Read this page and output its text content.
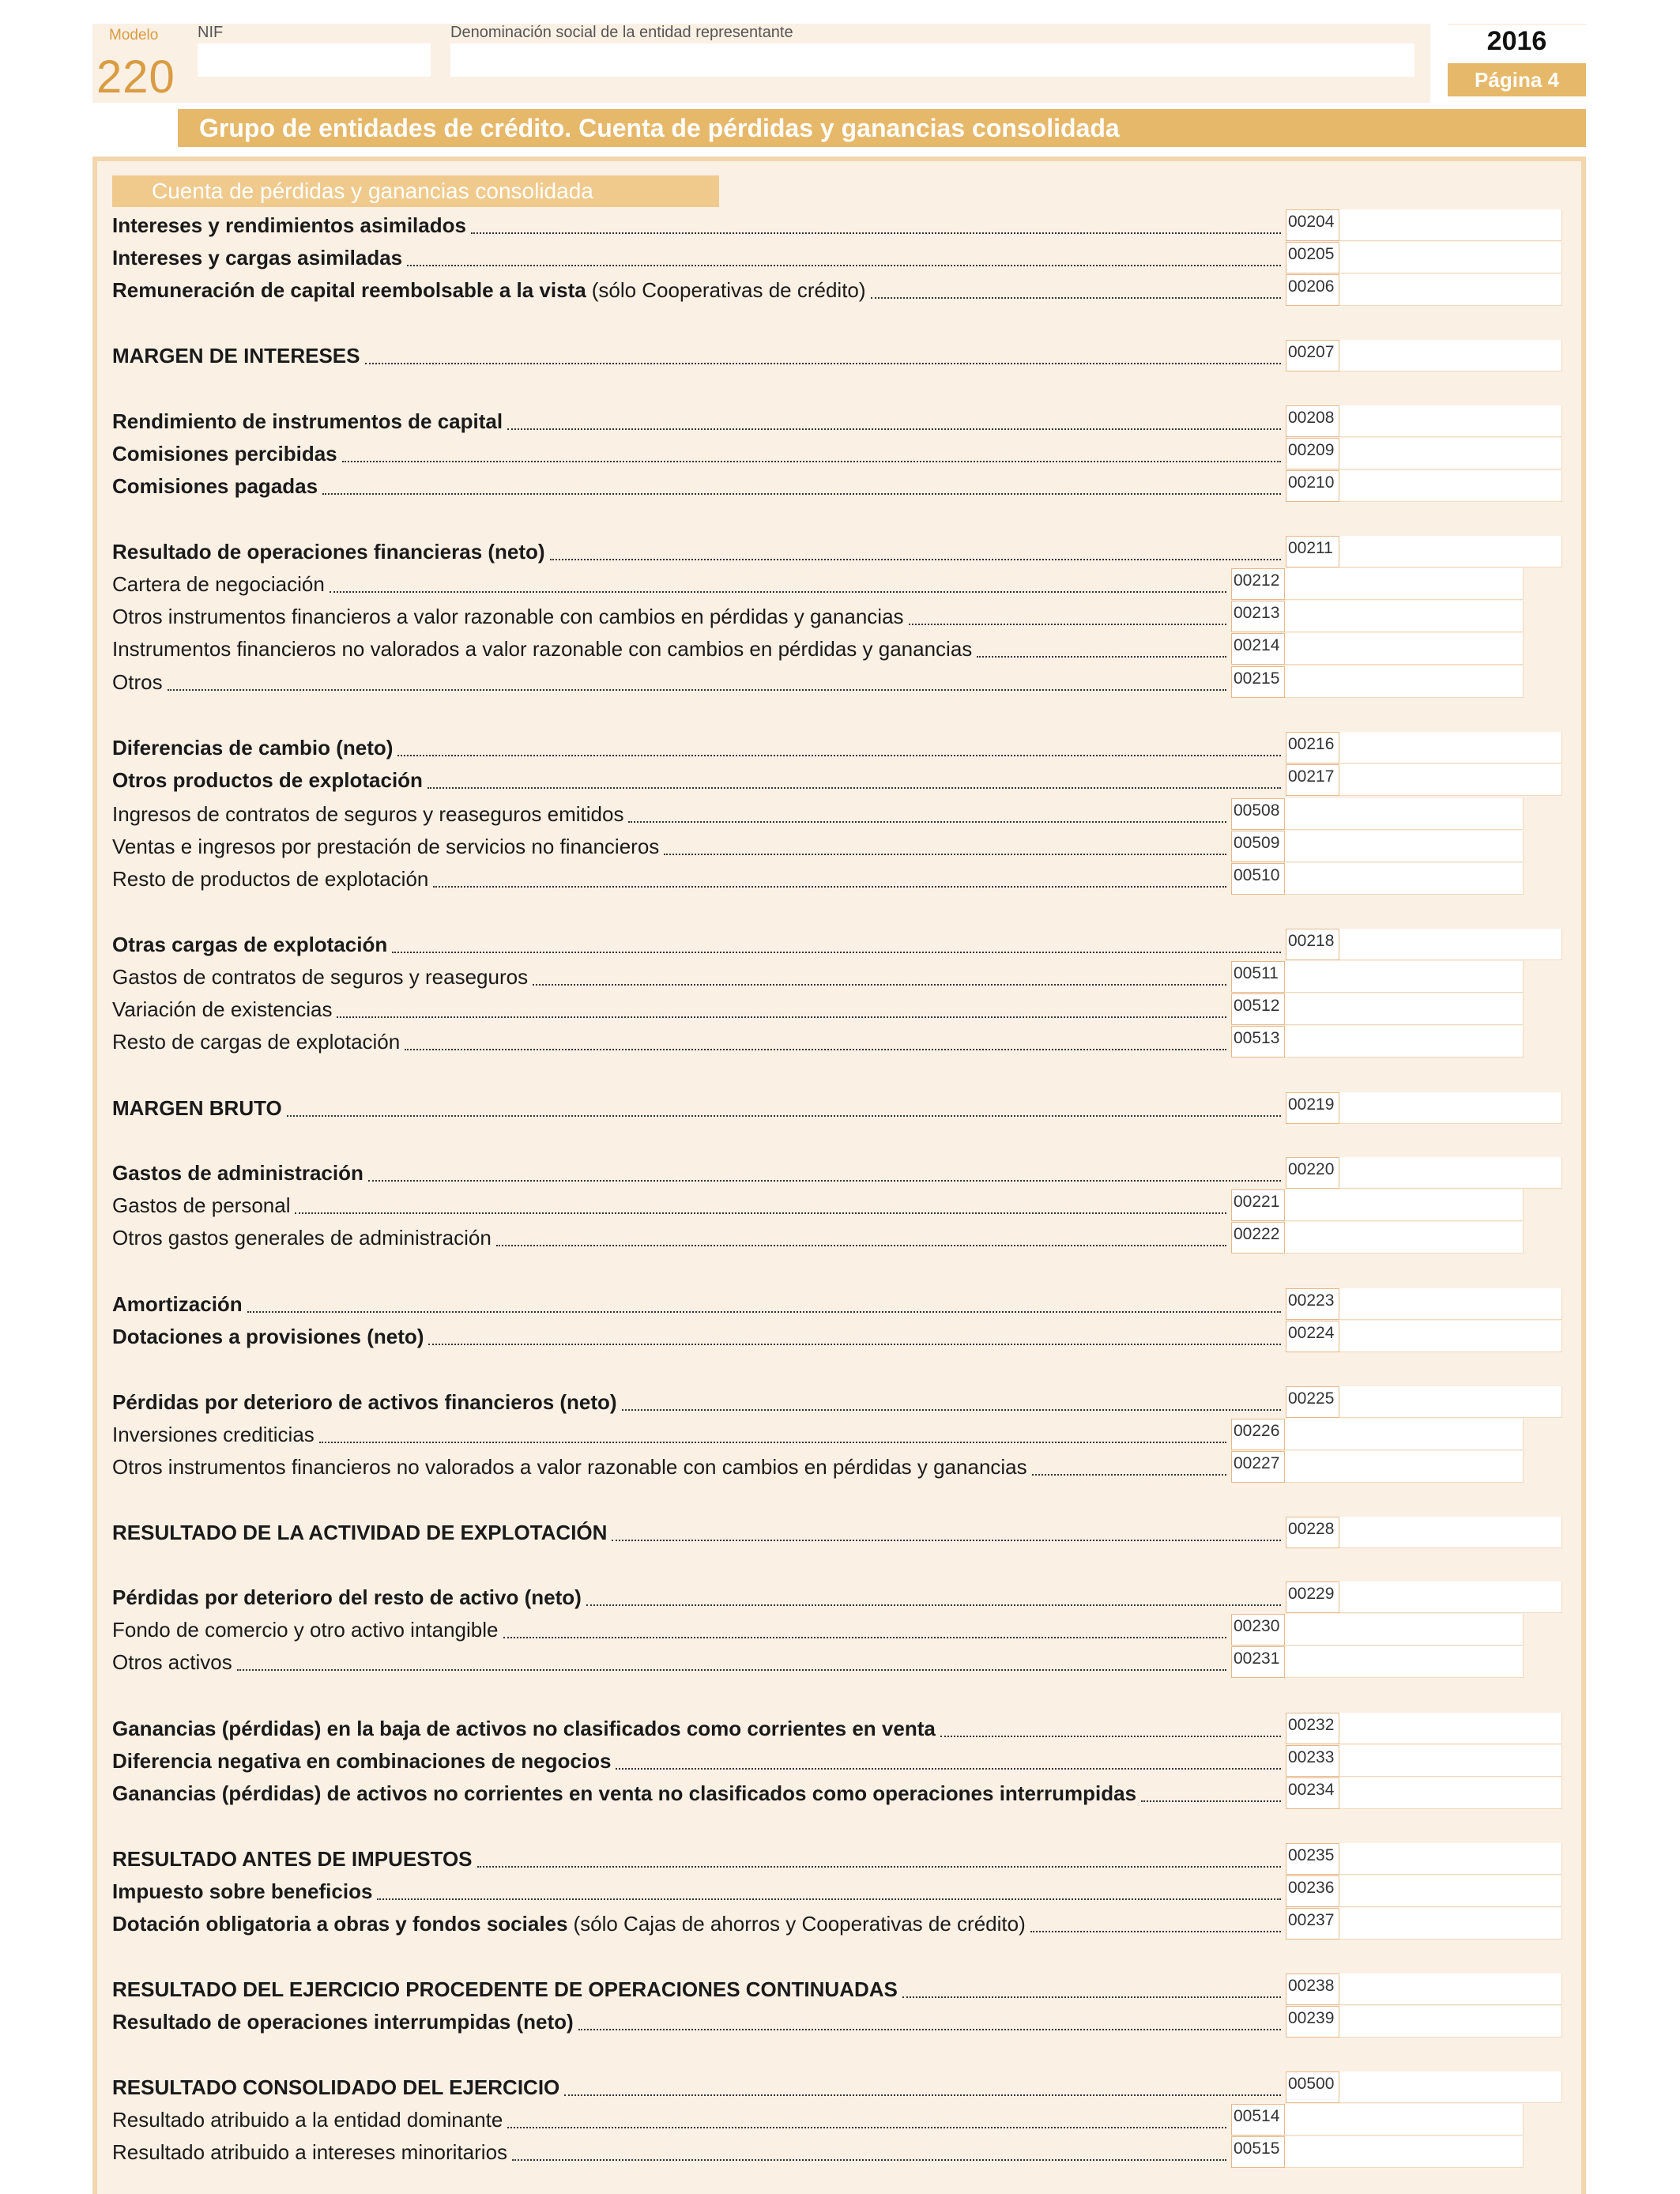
Modelo
220
NIF	Denominación social de la entidad representante	2016
Página 4
Grupo de entidades de crédito. Cuenta de pérdidas y ganancias consolidada
Cuenta de pérdidas y ganancias consolidada
Intereses y rendimientos asimilados	00204
Intereses y cargas asimiladas	00205
Remuneración de capital reembolsable a la vista (sólo Cooperativas de crédito)	00206
MARGEN DE INTERESES	00207
Rendimiento de instrumentos de capital	00208
Comisiones percibidas	00209
Comisiones pagadas	00210
Resultado de operaciones financieras (neto)	00211
Cartera de negociación	00212
Otros instrumentos financieros a valor razonable con cambios en pérdidas y ganancias	00213
Instrumentos financieros no valorados a valor razonable con cambios en pérdidas y ganancias	00214
Otros	00215
Diferencias de cambio (neto)	00216
Otros productos de explotación	00217
Ingresos de contratos de seguros y reaseguros emitidos	00508
Ventas e ingresos por prestación de servicios no financieros	00509
Resto de productos de explotación	00510
Otras cargas de explotación	00218
Gastos de contratos de seguros y reaseguros	00511
Variación de existencias	00512
Resto de cargas de explotación	00513
MARGEN BRUTO	00219
Gastos de administración	00220
Gastos de personal	00221
Otros gastos generales de administración	00222
Amortización	00223
Dotaciones a provisiones (neto)	00224
Pérdidas por deterioro de activos financieros (neto)	00225
Inversiones crediticias	00226
Otros instrumentos financieros no valorados a valor razonable con cambios en pérdidas y ganancias	00227
RESULTADO DE LA ACTIVIDAD DE EXPLOTACIÓN	00228
Pérdidas por deterioro del resto de activo (neto)	00229
Fondo de comercio y otro activo intangible	00230
Otros activos	00231
Ganancias (pérdidas) en la baja de activos no clasificados como corrientes en venta	00232
Diferencia negativa en combinaciones de negocios	00233
Ganancias (pérdidas) de activos no corrientes en venta no clasificados como operaciones interrumpidas	00234
RESULTADO ANTES DE IMPUESTOS	00235
Impuesto sobre beneficios	00236
Dotación obligatoria a obras y fondos sociales (sólo Cajas de ahorros y Cooperativas de crédito)	00237
RESULTADO DEL EJERCICIO PROCEDENTE DE OPERACIONES CONTINUADAS	00238
Resultado de operaciones interrumpidas (neto)	00239
RESULTADO CONSOLIDADO DEL EJERCICIO	00500
Resultado atribuido a la entidad dominante	00514
Resultado atribuido a intereses minoritarios	00515
